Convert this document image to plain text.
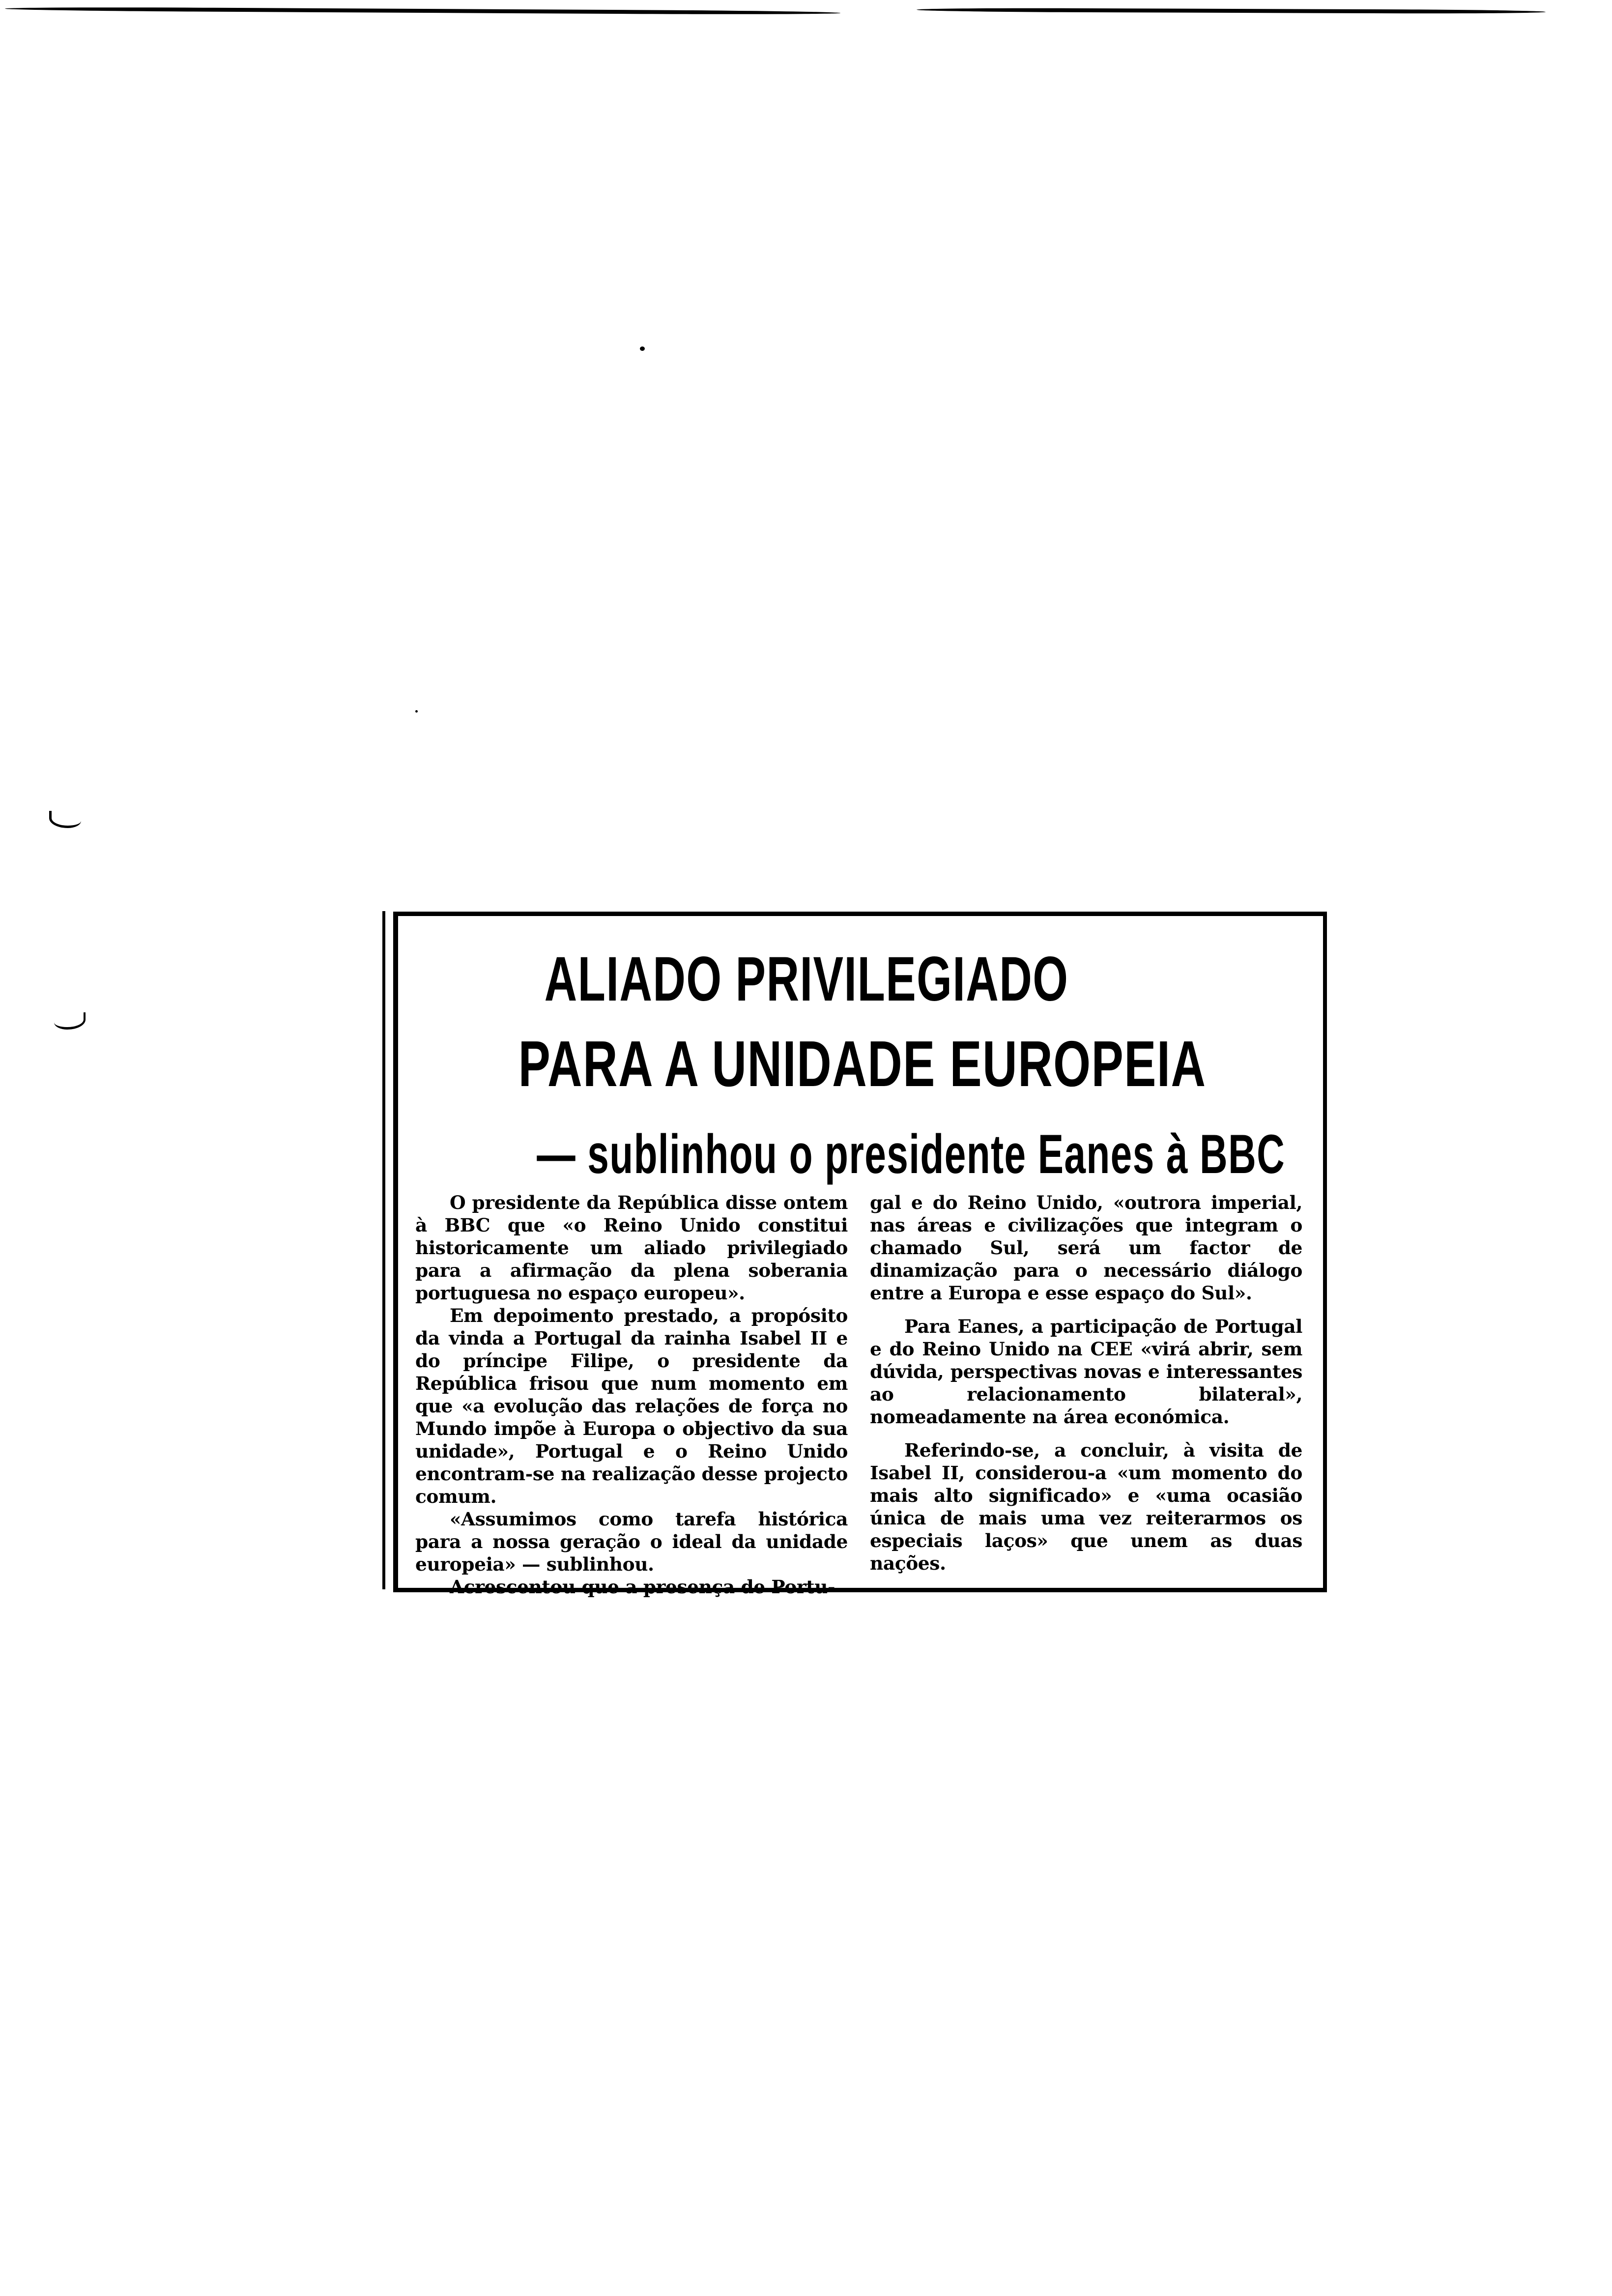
ALIADO PRIVILEGIADO
PARA A UNIDADE EUROPEIA
— sublinhou o presidente Eanes à BBC

O presidente da República disse ontem à BBC que «o Reino Unido constitui historicamente um aliado privilegiado para a afirmação da plena soberania portuguesa no espaço europeu».

Em depoimento prestado, a propósito da vinda a Portugal da rainha Isabel II e do príncipe Filipe, o presidente da República frisou que num momento em que «a evolução das relações de força no Mundo impõe à Europa o objectivo da sua unidade», Portugal e o Reino Unido encontram-se na realização desse projecto comum.

«Assumimos como tarefa histórica para a nossa geração o ideal da unidade europeia» — sublinhou.

Acrescentou que a presença de Portu-

gal e do Reino Unido, «outrora imperial, nas áreas e civilizações que integram o chamado Sul, será um factor de dinamização para o necessário diálogo entre a Europa e esse espaço do Sul».

Para Eanes, a participação de Portugal e do Reino Unido na CEE «virá abrir, sem dúvida, perspectivas novas e interessantes ao relacionamento bilateral», nomeadamente na área económica.

Referindo-se, a concluir, à visita de Isabel II, considerou-a «um momento do mais alto significado» e «uma ocasião única de mais uma vez reiterarmos os especiais laços» que unem as duas nações.
